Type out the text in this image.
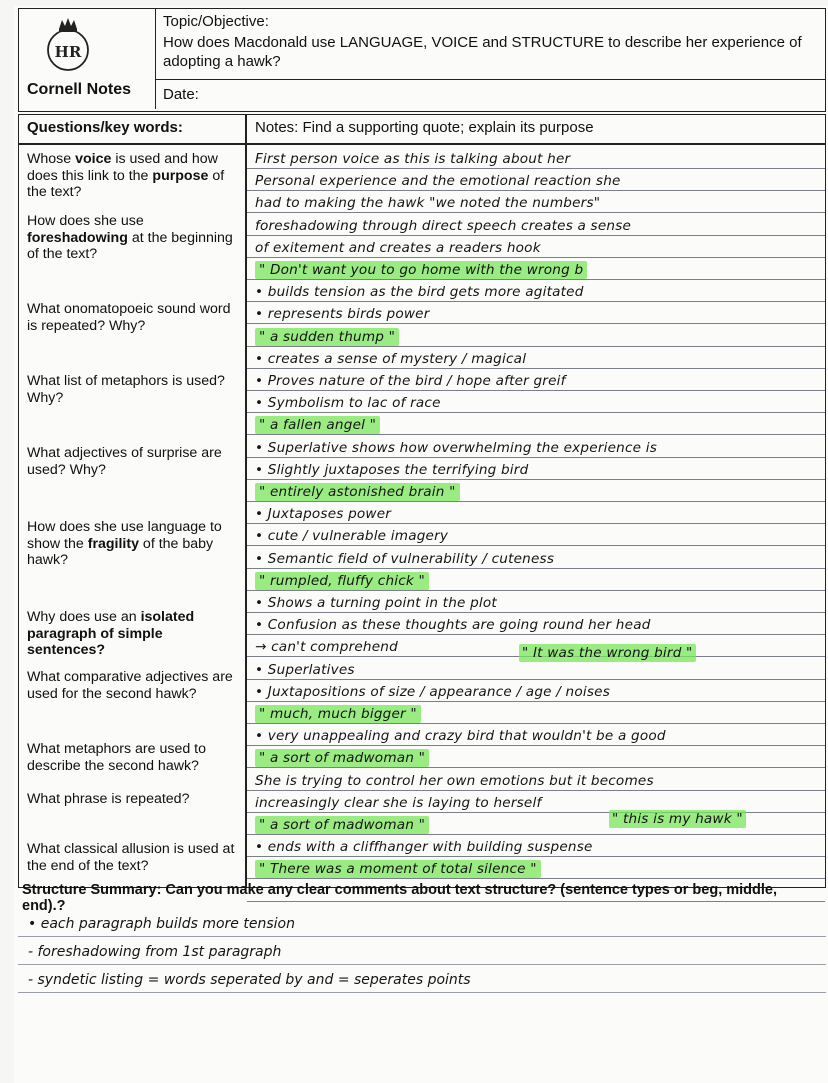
HR
Cornell Notes
Topic/Objective:
How does Macdonald use LANGUAGE, VOICE and STRUCTURE to describe her experience of adopting a hawk?
Date:
Questions/key words:	Notes: Find a supporting quote; explain its purpose
Whose voice is used and how does this link to the purpose of the text?
How does she use foreshadowing at the beginning of the text?
What onomatopoeic sound word is repeated? Why?
What list of metaphors is used? Why?
What adjectives of surprise are used? Why?
How does she use language to show the fragility of the baby hawk?
Why does use an isolated paragraph of simple sentences?
What comparative adjectives are used for the second hawk?
What metaphors are used to describe the second hawk?
What phrase is repeated?
What classical allusion is used at the end of the text?
First person voice as this is talking about her
Personal experience and the emotional reaction she
had to making the hawk "we noted the numbers"
foreshadowing through direct speech creates a sense
of exitement and creates a readers hook
" Don't want you to go home with the wrong b
• builds tension as the bird gets more agitated
• represents birds power
" a sudden thump "
• creates a sense of mystery / magical
• Proves nature of the bird / hope after greif
• Symbolism to lac of race
" a fallen angel "
• Superlative shows how overwhelming the experience is
• Slightly juxtaposes the terrifying bird
" entirely astonished brain "
• Juxtaposes power
• cute / vulnerable imagery
• Semantic field of vulnerability / cuteness
" rumpled, fluffy chick "
• Shows a turning point in the plot
• Confusion as these thoughts are going round her head
→ can't comprehend
• Superlatives
• Juxtapositions of size / appearance / age / noises
" much, much bigger "
• very unappealing and crazy bird that wouldn't be a good
" a sort of madwoman "
She is trying to control her own emotions but it becomes
increasingly clear she is laying to herself
" a sort of madwoman "
• ends with a cliffhanger with building suspense
" There was a moment of total silence "
" It was the wrong bird "
" this is my hawk "
Structure Summary: Can you make any clear comments about text structure? (sentence types or beg, middle, end).?
• each paragraph builds more tension
- foreshadowing from 1st paragraph
- syndetic listing = words seperated by and = seperates points
